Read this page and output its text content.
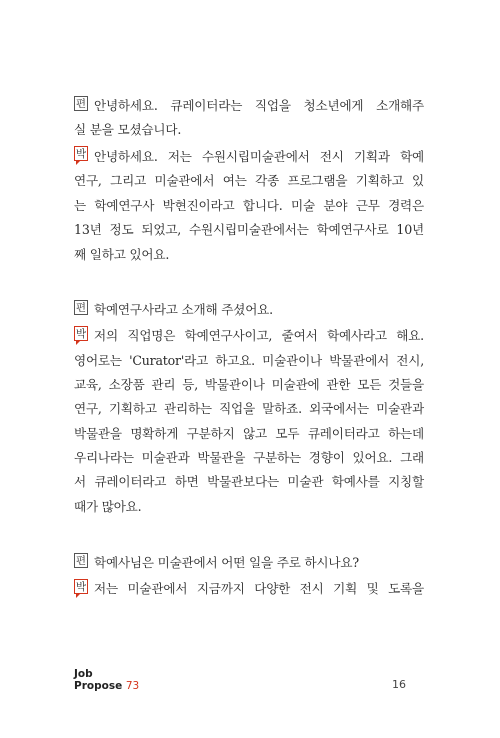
편 안녕하세요. 큐레이터라는 직업을 청소년에게 소개해주
실 분을 모셨습니다.
박 안녕하세요. 저는 수원시립미술관에서 전시 기획과 학예
연구, 그리고 미술관에서 여는 각종 프로그램을 기획하고 있
는 학예연구사 박현진이라고 합니다. 미술 분야 근무 경력은
13년 정도 되었고, 수원시립미술관에서는 학예연구사로 10년
째 일하고 있어요.
편 학예연구사라고 소개해 주셨어요.
박 저의 직업명은 학예연구사이고, 줄여서 학예사라고 해요.
영어로는 'Curator'라고 하고요. 미술관이나 박물관에서 전시,
교육, 소장품 관리 등, 박물관이나 미술관에 관한 모든 것들을
연구, 기획하고 관리하는 직업을 말하죠. 외국에서는 미술관과
박물관을 명확하게 구분하지 않고 모두 큐레이터라고 하는데
우리나라는 미술관과 박물관을 구분하는 경향이 있어요. 그래
서 큐레이터라고 하면 박물관보다는 미술관 학예사를 지칭할
때가 많아요.
편 학예사님은 미술관에서 어떤 일을 주로 하시나요?
박 저는 미술관에서 지금까지 다양한 전시 기획 및 도록을
Job
Propose 73	16
